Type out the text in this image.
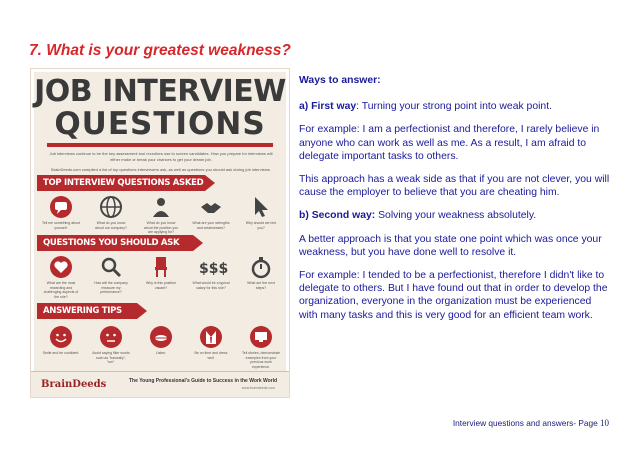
7. What is your greatest weakness?
JOB INTERVIEW
QUESTIONS
Job interviews continue to be the key assessment tool recruiters use to screen candidates. How you prepare for interviews will either make or break your chances to get your dream job.
BrainDeeds.com compiled a list of top questions interviewers ask, as well as questions you should ask during job interviews.
TOP INTERVIEW QUESTIONS ASKED
Tell me something about yourself.
What do you know about our company?
What do you know about the position you are applying for?
What are your strengths and weaknesses?
Why should we hire you?
QUESTIONS YOU SHOULD ASK
What are the most rewarding and challenging aspects of the role?
How will the company measure my performance?
Why is this position vacant?
$$$
What would be a typical salary for this role?
What are the next steps?
ANSWERING TIPS
Smile and be confident.	Avoid saying filler words such as "basically", "um".
Listen.	Be on time and dress well.
Tell stories, demonstrate examples from your previous work experience.
BrainDeeds	The Young Professional's Guide to Success in the Work World
www.braindeeds.com

Ways to answer:

a) First way: Turning your strong point into weak point.

For example: I am a perfectionist and therefore, I rarely believe in anyone who can work as well as me. As a result, I am afraid to delegate important tasks to others.

This approach has a weak side as that if you are not clever, you will cause the employer to believe that you are cheating him.

b) Second way: Solving your weakness absolutely.

A better approach is that you state one point which was once your weakness, but you have done well to resolve it.

For example: I tended to be a perfectionist, therefore I didn't like to delegate to others. But I have found out that in order to develop the organization, everyone in the organization must be experienced with many tasks and this is very good for an efficient team work.

Interview questions and answers- Page 10
